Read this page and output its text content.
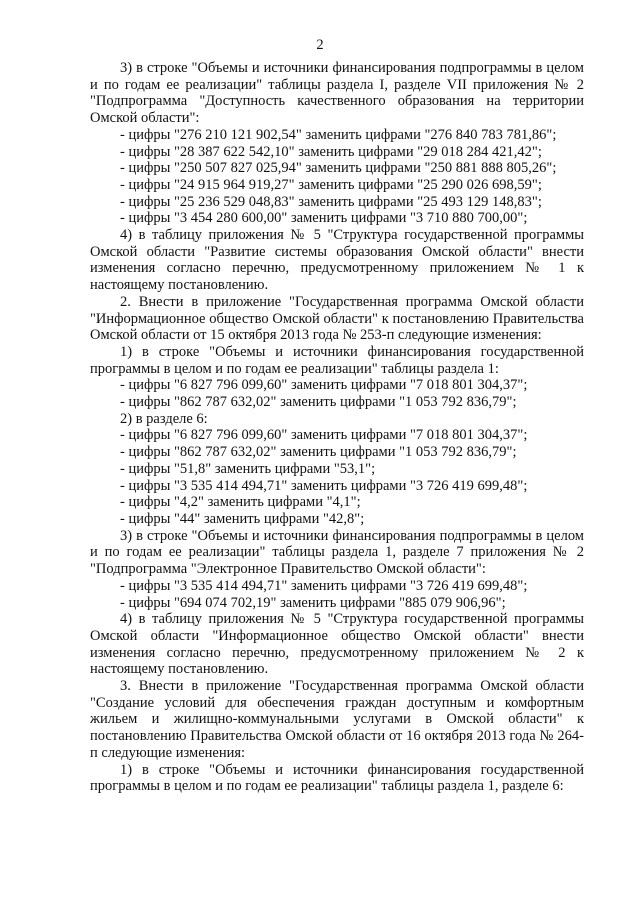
2

3) в строке "Объемы и источники финансирования подпрограммы в целом и по годам ее реализации" таблицы раздела I, разделе VII приложения № 2 "Подпрограмма "Доступность качественного образования на территории Омской области":

- цифры "276 210 121 902,54" заменить цифрами "276 840 783 781,86";

- цифры "28 387 622 542,10" заменить цифрами "29 018 284 421,42";

- цифры "250 507 827 025,94" заменить цифрами "250 881 888 805,26";

- цифры "24 915 964 919,27" заменить цифрами "25 290 026 698,59";

- цифры "25 236 529 048,83" заменить цифрами "25 493 129 148,83";

- цифры "3 454 280 600,00" заменить цифрами "3 710 880 700,00";

4) в таблицу приложения № 5 "Структура государственной программы Омской области "Развитие системы образования Омской области" внести изменения согласно перечню, предусмотренному приложением № 1 к настоящему постановлению.

2. Внести в приложение "Государственная программа Омской области "Информационное общество Омской области" к постановлению Правительства Омской области от 15 октября 2013 года № 253-п следующие изменения:

1) в строке "Объемы и источники финансирования государственной программы в целом и по годам ее реализации" таблицы раздела 1:

- цифры "6 827 796 099,60" заменить цифрами "7 018 801 304,37";

- цифры "862 787 632,02" заменить цифрами "1 053 792 836,79";

2) в разделе 6:

- цифры "6 827 796 099,60" заменить цифрами "7 018 801 304,37";

- цифры "862 787 632,02" заменить цифрами "1 053 792 836,79";

- цифры "51,8" заменить цифрами "53,1";

- цифры "3 535 414 494,71" заменить цифрами "3 726 419 699,48";

- цифры "4,2" заменить цифрами "4,1";

- цифры "44" заменить цифрами "42,8";

3) в строке "Объемы и источники финансирования подпрограммы в целом и по годам ее реализации" таблицы раздела 1, разделе 7 приложения № 2 "Подпрограмма "Электронное Правительство Омской области":

- цифры "3 535 414 494,71" заменить цифрами "3 726 419 699,48";

- цифры "694 074 702,19" заменить цифрами "885 079 906,96";

4) в таблицу приложения № 5 "Структура государственной программы Омской области "Информационное общество Омской области" внести изменения согласно перечню, предусмотренному приложением № 2 к настоящему постановлению.

3. Внести в приложение "Государственная программа Омской области "Создание условий для обеспечения граждан доступным и комфортным жильем и жилищно-коммунальными услугами в Омской области" к постановлению Правительства Омской области от 16 октября 2013 года № 264-п следующие изменения:

1) в строке "Объемы и источники финансирования государственной программы в целом и по годам ее реализации" таблицы раздела 1, разделе 6:
